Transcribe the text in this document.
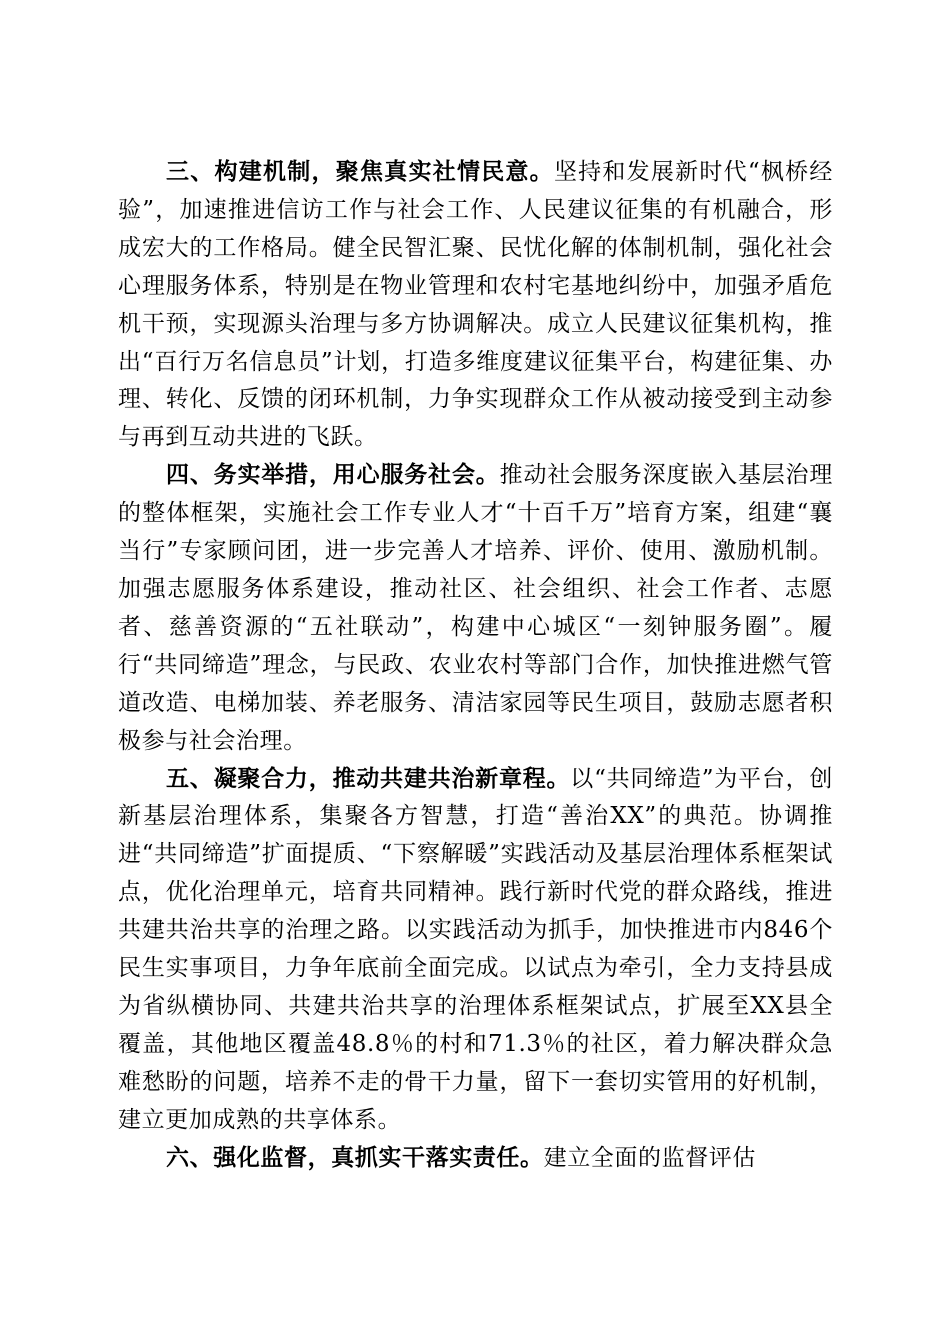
三、构建机制，聚焦真实社情民意。坚持和发展新时代“枫桥经验”，加速推进信访工作与社会工作、人民建议征集的有机融合，形成宏大的工作格局。健全民智汇聚、民忧化解的体制机制，强化社会心理服务体系，特别是在物业管理和农村宅基地纠纷中，加强矛盾危机干预，实现源头治理与多方协调解决。成立人民建议征集机构，推出“百行万名信息员”计划，打造多维度建议征集平台，构建征集、办理、转化、反馈的闭环机制，力争实现群众工作从被动接受到主动参与再到互动共进的飞跃。

四、务实举措，用心服务社会。推动社会服务深度嵌入基层治理的整体框架，实施社会工作专业人才“十百千万”培育方案，组建“襄当行”专家顾问团，进一步完善人才培养、评价、使用、激励机制。加强志愿服务体系建设，推动社区、社会组织、社会工作者、志愿者、慈善资源的“五社联动”，构建中心城区“一刻钟服务圈”。履行“共同缔造”理念，与民政、农业农村等部门合作，加快推进燃气管道改造、电梯加装、养老服务、清洁家园等民生项目，鼓励志愿者积极参与社会治理。

五、凝聚合力，推动共建共治新章程。以“共同缔造”为平台，创新基层治理体系，集聚各方智慧，打造“善治XX”的典范。协调推进“共同缔造”扩面提质、“下察解暖”实践活动及基层治理体系框架试点，优化治理单元，培育共同精神。践行新时代党的群众路线，推进共建共治共享的治理之路。以实践活动为抓手，加快推进市内846个民生实事项目，力争年底前全面完成。以试点为牵引，全力支持县成为省纵横协同、共建共治共享的治理体系框架试点，扩展至XX县全覆盖，其他地区覆盖48.8％的村和71.3％的社区，着力解决群众急难愁盼的问题，培养不走的骨干力量，留下一套切实管用的好机制，建立更加成熟的共享体系。

六、强化监督，真抓实干落实责任。建立全面的监督评估
